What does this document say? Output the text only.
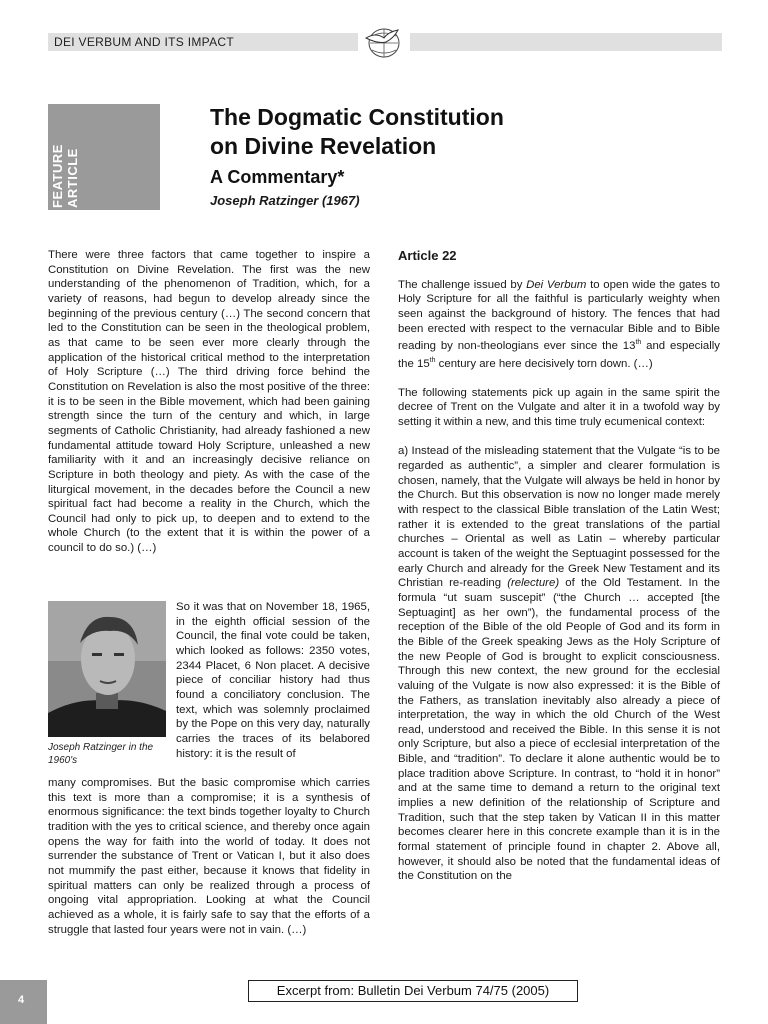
DEI VERBUM AND ITS IMPACT
FEATURE ARTICLE
The Dogmatic Constitution
on Divine Revelation
A Commentary*
Joseph Ratzinger (1967)

There were three factors that came together to inspire a Constitution on Divine Revelation. The first was the new understanding of the phenomenon of Tradition, which, for a variety of reasons, had begun to develop already since the beginning of the previous century (…) The second concern that led to the Constitution can be seen in the theological problem, as that came to be seen ever more clearly through the application of the historical critical method to the interpretation of Holy Scripture (…) The third driving force behind the Constitution on Revelation is also the most positive of the three: it is to be seen in the Bible movement, which had been gaining strength since the turn of the century and which, in large segments of Catholic Christianity, had already fashioned a new fundamental attitude toward Holy Scripture, unleashed a new familiarity with it and an increasingly decisive reliance on Scripture in both theology and piety. As with the case of the liturgical movement, in the decades before the Council a new spiritual fact had become a reality in the Church, which the Council had only to pick up, to deepen and to extend to the whole Church (to the extent that it is within the power of a council to do so.) (…)

Joseph Ratzinger in the 1960's

So it was that on November 18, 1965, in the eighth official session of the Council, the final vote could be taken, which looked as follows: 2350 votes, 2344 Placet, 6 Non placet. A decisive piece of conciliar history had thus found a conciliatory conclusion. The text, which was solemnly proclaimed by the Pope on this very day, naturally carries the traces of its belabored history: it is the result of

many compromises. But the basic compromise which carries this text is more than a compromise; it is a synthesis of enormous significance: the text binds together loyalty to Church tradition with the yes to critical science, and thereby once again opens the way for faith into the world of today. It does not surrender the substance of Trent or Vatican I, but it also does not mummify the past either, because it knows that fidelity in spiritual matters can only be realized through a process of ongoing vital appropriation. Looking at what the Council achieved as a whole, it is fairly safe to say that the efforts of a struggle that lasted four years were not in vain. (…)

Article 22

The challenge issued by Dei Verbum to open wide the gates to Holy Scripture for all the faithful is particularly weighty when seen against the background of history. The fences that had been erected with respect to the vernacular Bible and to Bible reading by non-theologians ever since the 13th and especially the 15th century are here decisively torn down. (…)

The following statements pick up again in the same spirit the decree of Trent on the Vulgate and alter it in a twofold way by setting it within a new, and this time truly ecumenical context:

a) Instead of the misleading statement that the Vulgate “is to be regarded as authentic”, a simpler and clearer formulation is chosen, namely, that the Vulgate will always be held in honor by the Church. But this observation is now no longer made merely with respect to the classical Bible translation of the Latin West; rather it is extended to the great translations of the partial churches – Oriental as well as Latin – whereby particular account is taken of the weight the Septuagint possessed for the early Church and already for the Greek New Testament and its Christian re-reading (relecture) of the Old Testament. In the formula “ut suam suscepit” (“the Church … accepted [the Septuagint] as her own”), the fundamental process of the reception of the Bible of the old People of God and its form in the Bible of the Greek speaking Jews as the Holy Scripture of the new People of God is brought to explicit consciousness. Through this new context, the new ground for the ecclesial valuing of the Vulgate is now also expressed: it is the Bible of the Fathers, as translation inevitably also already a piece of interpretation, the way in which the old Church of the West read, understood and received the Bible. In this sense it is not only Scripture, but also a piece of ecclesial interpretation of the Bible, and “tradition”. To declare it alone authentic would be to place tradition above Scripture. In contrast, to “hold it in honor” and at the same time to demand a return to the original text implies a new definition of the relationship of Scripture and Tradition, such that the step taken by Vatican II in this matter becomes clearer here in this concrete example than it is in the formal statement of principle found in chapter 2. Above all, however, it should also be noted that the fundamental ideas of the Constitution on the

4
Excerpt from: Bulletin Dei Verbum 74/75 (2005)
